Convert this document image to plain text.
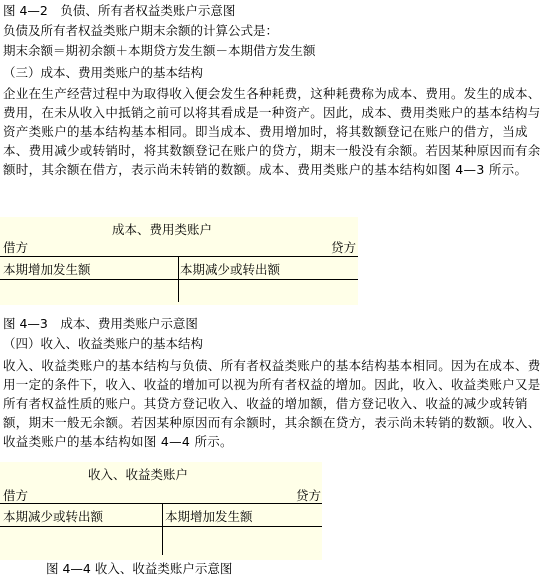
图 4—2　负债、所有者权益类账户示意图
负债及所有者权益类账户期末余额的计算公式是：
期末余额＝期初余额＋本期贷方发生额－本期借方发生额
（三）成本、费用类账户的基本结构
企业在生产经营过程中为取得收入便会发生各种耗费，这种耗费称为成本、费用。发生的成本、费用，在未从收入中抵销之前可以将其看成是一种资产。因此，成本、费用类账户的基本结构与资产类账户的基本结构基本相同。即当成本、费用增加时，将其数额登记在账户的借方，当成本、费用减少或转销时，将其数额登记在账户的贷方，期末一般没有余额。若因某种原因而有余额时，其余额在借方，表示尚未转销的数额。成本、费用类账户的基本结构如图 4—3 所示。
成本、费用类账户
借方	贷方
本期增加发生额	本期减少或转出额
图 4—3　成本、费用类账户示意图
（四）收入、收益类账户的基本结构
收入、收益类账户的基本结构与负债、所有者权益类账户的基本结构基本相同。因为在成本、费用一定的条件下，收入、收益的增加可以视为所有者权益的增加。因此，收入、收益类账户又是所有者权益性质的账户。其贷方登记收入、收益的增加额，借方登记收入、收益的减少或转销额，期末一般无余额。若因某种原因而有余额时，其余额在贷方，表示尚未转销的数额。收入、收益类账户的基本结构如图 4—4 所示。
收入、收益类账户
借方	贷方
本期减少或转出额	本期增加发生额
图 4—4 收入、收益类账户示意图
